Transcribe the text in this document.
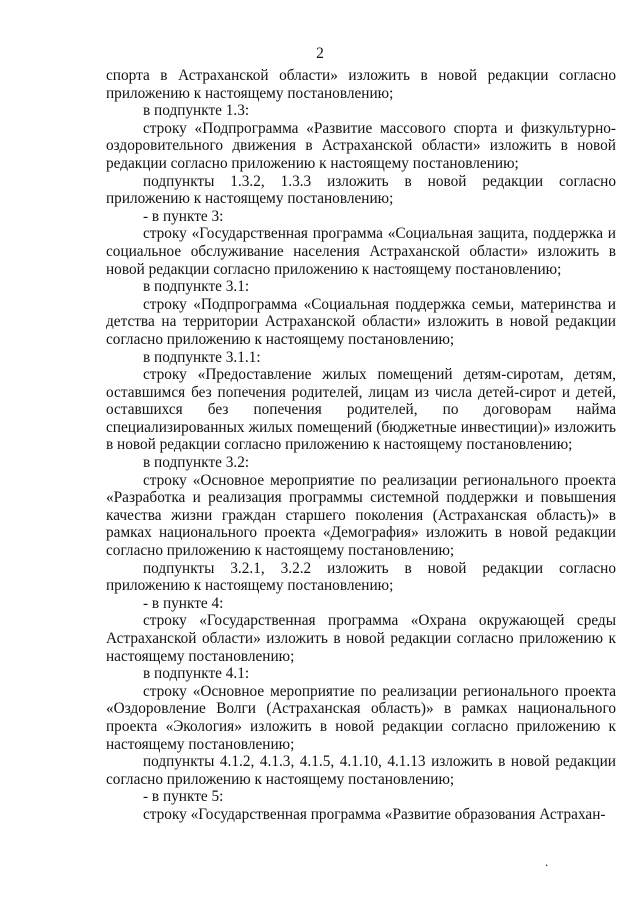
2

спорта в Астраханской области» изложить в новой редакции согласно приложению к настоящему постановлению;

в подпункте 1.3:

строку «Подпрограмма «Развитие массового спорта и физкультурно-оздоровительного движения в Астраханской области» изложить в новой редакции согласно приложению к настоящему постановлению;

подпункты 1.3.2, 1.3.3 изложить в новой редакции согласно приложению к настоящему постановлению;

- в пункте 3:

строку «Государственная программа «Социальная защита, поддержка и социальное обслуживание населения Астраханской области» изложить в новой редакции согласно приложению к настоящему постановлению;

в подпункте 3.1:

строку «Подпрограмма «Социальная поддержка семьи, материнства и детства на территории Астраханской области» изложить в новой редакции согласно приложению к настоящему постановлению;

в подпункте 3.1.1:

строку «Предоставление жилых помещений детям-сиротам, детям, оставшимся без попечения родителей, лицам из числа детей-сирот и детей, оставшихся без попечения родителей, по договорам найма специализированных жилых помещений (бюджетные инвестиции)» изложить в новой редакции согласно приложению к настоящему постановлению;

в подпункте 3.2:

строку «Основное мероприятие по реализации регионального проекта «Разработка и реализация программы системной поддержки и повышения качества жизни граждан старшего поколения (Астраханская область)» в рамках национального проекта «Демография» изложить в новой редакции согласно приложению к настоящему постановлению;

подпункты 3.2.1, 3.2.2 изложить в новой редакции согласно приложению к настоящему постановлению;

- в пункте 4:

строку «Государственная программа «Охрана окружающей среды Астраханской области» изложить в новой редакции согласно приложению к настоящему постановлению;

в подпункте 4.1:

строку «Основное мероприятие по реализации регионального проекта «Оздоровление Волги (Астраханская область)» в рамках национального проекта «Экология» изложить в новой редакции согласно приложению к настоящему постановлению;

подпункты 4.1.2, 4.1.3, 4.1.5, 4.1.10, 4.1.13 изложить в новой редакции согласно приложению к настоящему постановлению;

- в пункте 5:

строку «Государственная программа «Развитие образования Астрахан-

.
